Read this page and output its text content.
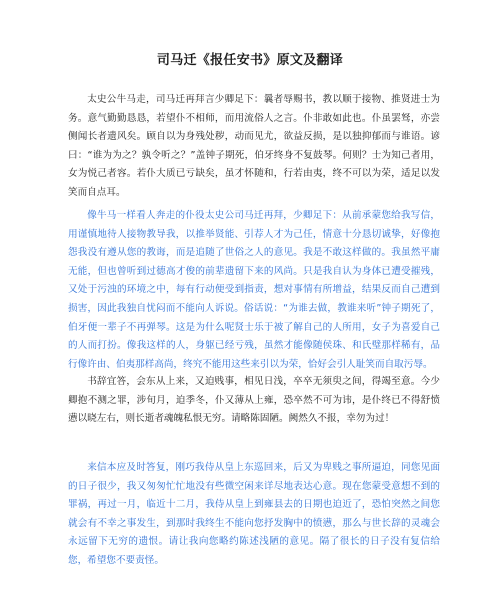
司马迁《报任安书》原文及翻译

太史公牛马走，司马迁再拜言少卿足下：曩者辱赐书，教以顺于接物、推贤进士为务。意气勤勤恳恳，若望仆不相师，而用流俗人之言。仆非敢如此也。仆虽罢驽，亦尝侧闻长者遗风矣。顾自以为身残处秽，动而见尤，欲益反损，是以独抑郁而与谁语。谚曰：“谁为为之？孰令听之？”盖钟子期死，伯牙终身不复鼓琴。何则？士为知己者用，女为悦己者容。若仆大质已亏缺矣，虽才怀随和，行若由夷，终不可以为荣，适足以发笑而自点耳。

像牛马一样看人奔走的仆役太史公司马迁再拜，少卿足下：从前承蒙您给我写信，用谨慎地待人接物教导我，以推举贤能、引荐人才为己任，情意十分恳切诚挚，好像抱怨我没有遵从您的教诲，而是追随了世俗之人的意见。我是不敢这样做的。我虽然平庸无能，但也曾听到过德高才俊的前辈遗留下来的风尚。只是我自认为身体已遭受摧残，又处于污浊的环境之中，每有行动便受到指责，想对事情有所增益，结果反而自己遭到损害，因此我独自忧闷而不能向人诉说。俗话说：“为谁去做，教谁来听”钟子期死了，伯牙便一辈子不再弹琴。这是为什么呢贤士乐于被了解自己的人所用，女子为喜爱自己的人而打扮。像我这样的人，身躯已经亏残，虽然才能像随侯珠、和氏璧那样稀有，品行像许由、伯夷那样高尚，终究不能用这些来引以为荣，恰好会引人耻笑而自取污辱。

书辞宜答，会东从上来，又迫贱事，相见日浅，卒卒无须臾之间，得竭至意。今少卿抱不测之罪，涉旬月，迫季冬，仆又薄从上雍，恐卒然不可为讳，是仆终已不得舒愤懑以晓左右，则长逝者魂魄私恨无穷。请略陈固陋。阙然久不报，幸勿为过！

来信本应及时答复，刚巧我侍从皇上东巡回来，后又为卑贱之事所逼迫，同您见面的日子很少，我又匆匆忙忙地没有些微空闲来详尽地表达心意。现在您蒙受意想不到的罪祸，再过一月，临近十二月，我侍从皇上到雍县去的日期也迫近了，恐怕突然之间您就会有不幸之事发生，到那时我终生不能向您抒发胸中的愤懑，那么与世长辞的灵魂会永远留下无穷的遗恨。请让我向您略约陈述浅陋的意见。隔了很长的日子没有复信给您，希望您不要责怪。
